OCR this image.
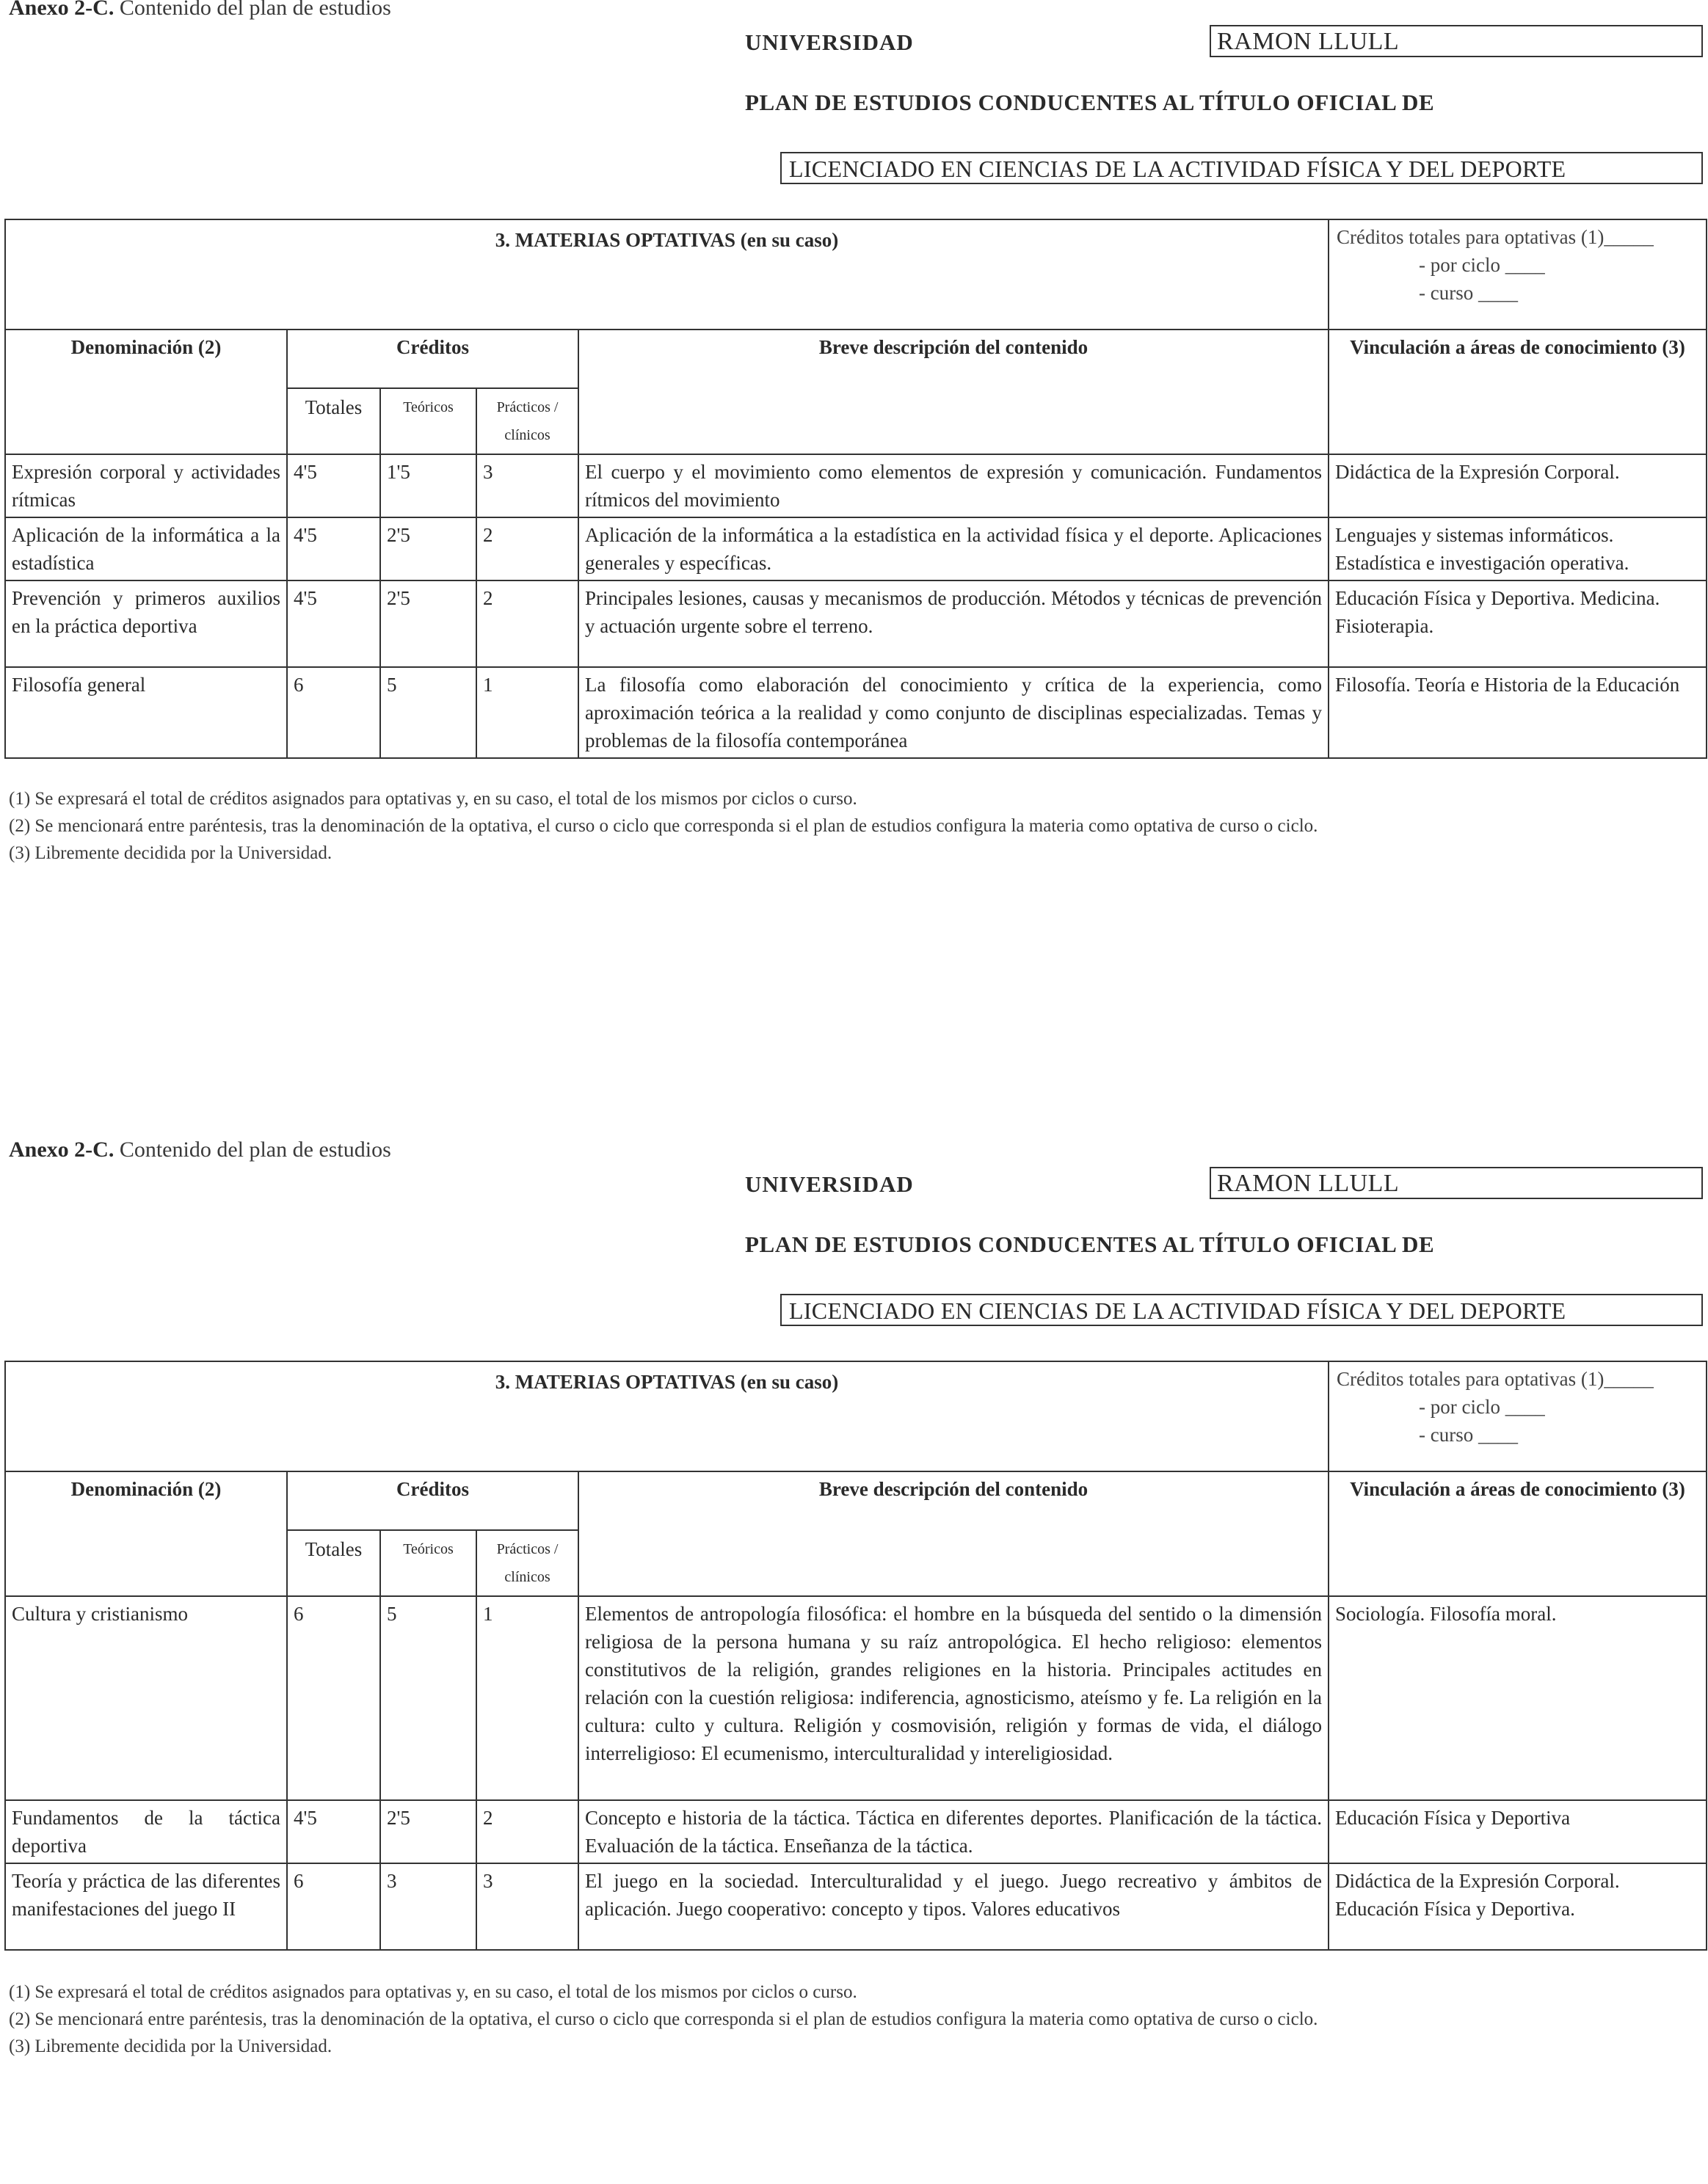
Anexo 2-C. Contenido del plan de estudios
UNIVERSIDAD	RAMON LLULL
PLAN DE ESTUDIOS CONDUCENTES AL TÍTULO OFICIAL DE
LICENCIADO EN CIENCIAS DE LA ACTIVIDAD FÍSICA Y DEL DEPORTE
3. MATERIAS OPTATIVAS (en su caso)					Créditos totales para optativas (1)_____
- por ciclo ____
- curso ____

Denominación (2)	Créditos			Breve descripción del contenido	Vinculación a áreas de conocimiento (3)
	Totales	Teóricos	Prácticos / clínicos		
Expresión corporal y actividades rítmicas	4'5	1'5	3	El cuerpo y el movimiento como elementos de expresión y comunicación. Fundamentos rítmicos del movimiento	Didáctica de la Expresión Corporal.
Aplicación de la informática a la estadística	4'5	2'5	2	Aplicación de la informática a la estadística en la actividad física y el deporte. Aplicaciones generales y específicas.	Lenguajes y sistemas informáticos. Estadística e investigación operativa.
Prevención y primeros auxilios en la práctica deportiva	4'5	2'5	2	Principales lesiones, causas y mecanismos de producción. Métodos y técnicas de prevención y actuación urgente sobre el terreno.	Educación Física y Deportiva. Medicina. Fisioterapia.
Filosofía general	6	5	1	La filosofía como elaboración del conocimiento y crítica de la experiencia, como aproximación teórica a la realidad y como conjunto de disciplinas especializadas. Temas y problemas de la filosofía contemporánea	Filosofía. Teoría e Historia de la Educación
(1) Se expresará el total de créditos asignados para optativas y, en su caso, el total de los mismos por ciclos o curso.
(2) Se mencionará entre paréntesis, tras la denominación de la optativa, el curso o ciclo que corresponda si el plan de estudios configura la materia como optativa de curso o ciclo.
(3) Libremente decidida por la Universidad.
Anexo 2-C. Contenido del plan de estudios
UNIVERSIDAD	RAMON LLULL
PLAN DE ESTUDIOS CONDUCENTES AL TÍTULO OFICIAL DE
LICENCIADO EN CIENCIAS DE LA ACTIVIDAD FÍSICA Y DEL DEPORTE
3. MATERIAS OPTATIVAS (en su caso)					Créditos totales para optativas (1)_____
- por ciclo ____
- curso ____

Denominación (2)	Créditos			Breve descripción del contenido	Vinculación a áreas de conocimiento (3)
	Totales	Teóricos	Prácticos / clínicos		
Cultura y cristianismo	6	5	1	Elementos de antropología filosófica: el hombre en la búsqueda del sentido o la dimensión religiosa de la persona humana y su raíz antropológica. El hecho religioso: elementos constitutivos de la religión, grandes religiones en la historia. Principales actitudes en relación con la cuestión religiosa: indiferencia, agnosticismo, ateísmo y fe. La religión en la cultura: culto y cultura. Religión y cosmovisión, religión y formas de vida, el diálogo interreligioso: El ecumenismo, interculturalidad y intereligiosidad.	Sociología. Filosofía moral.
Fundamentos de la táctica deportiva	4'5	2'5	2	Concepto e historia de la táctica. Táctica en diferentes deportes. Planificación de la táctica. Evaluación de la táctica. Enseñanza de la táctica.	Educación Física y Deportiva
Teoría y práctica de las diferentes manifestaciones del juego II	6	3	3	El juego en la sociedad. Interculturalidad y el juego. Juego recreativo y ámbitos de aplicación. Juego cooperativo: concepto y tipos. Valores educativos	Didáctica de la Expresión Corporal. Educación Física y Deportiva.
(1) Se expresará el total de créditos asignados para optativas y, en su caso, el total de los mismos por ciclos o curso.
(2) Se mencionará entre paréntesis, tras la denominación de la optativa, el curso o ciclo que corresponda si el plan de estudios configura la materia como optativa de curso o ciclo.
(3) Libremente decidida por la Universidad.
